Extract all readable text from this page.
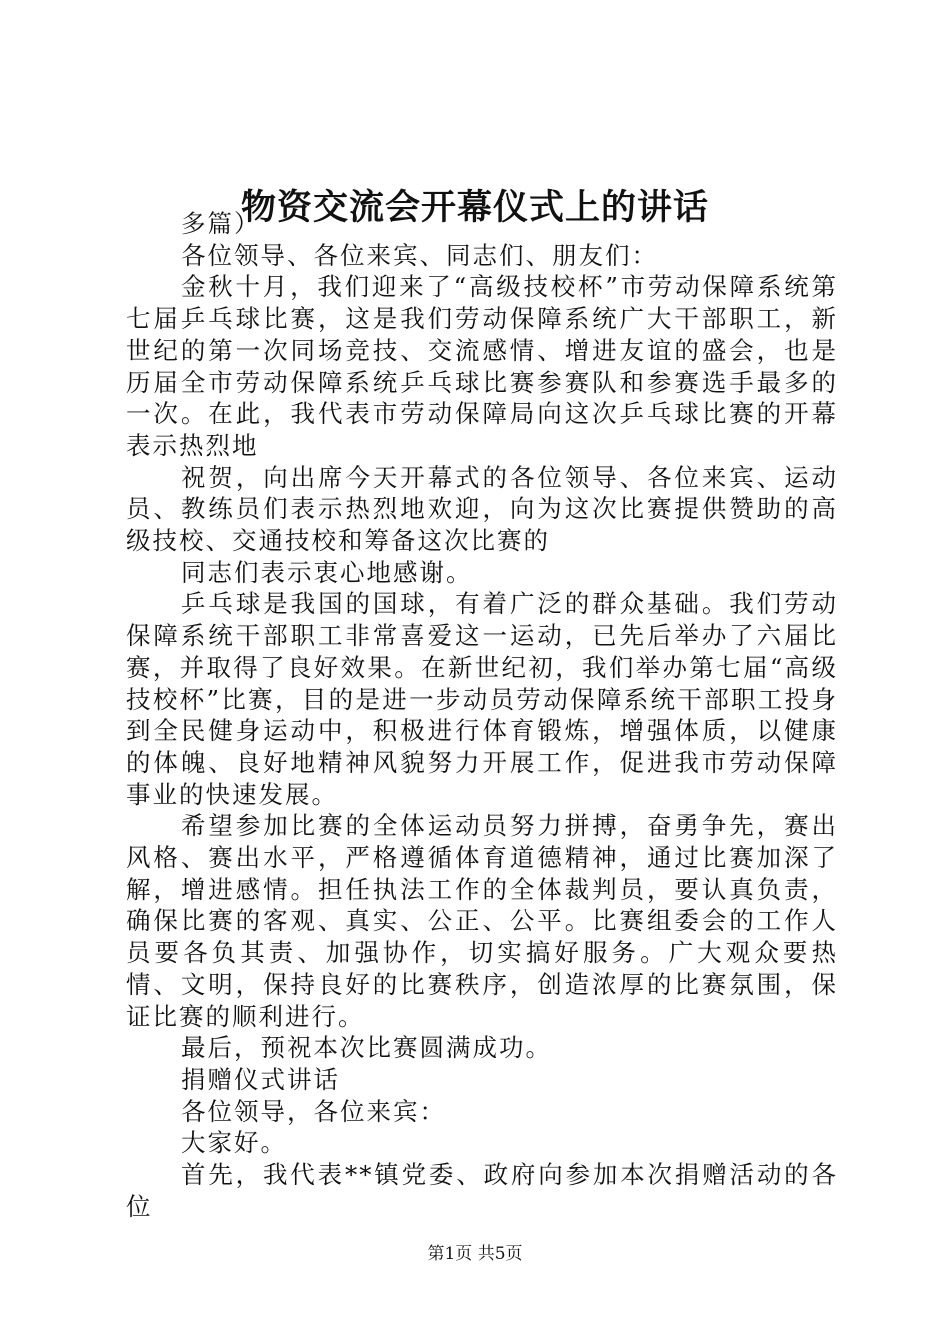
物资交流会开幕仪式上的讲话

多篇）

各位领导、各位来宾、同志们、朋友们：

金秋十月，我们迎来了“高级技校杯”市劳动保障系统第七届乒乓球比赛，这是我们劳动保障系统广大干部职工，新世纪的第一次同场竞技、交流感情、增进友谊的盛会，也是历届全市劳动保障系统乒乓球比赛参赛队和参赛选手最多的一次。在此，我代表市劳动保障局向这次乒乓球比赛的开幕表示热烈地

祝贺，向出席今天开幕式的各位领导、各位来宾、运动员、教练员们表示热烈地欢迎，向为这次比赛提供赞助的高级技校、交通技校和筹备这次比赛的

同志们表示衷心地感谢。

乒乓球是我国的国球，有着广泛的群众基础。我们劳动保障系统干部职工非常喜爱这一运动，已先后举办了六届比赛，并取得了良好效果。在新世纪初，我们举办第七届“高级技校杯”比赛，目的是进一步动员劳动保障系统干部职工投身到全民健身运动中，积极进行体育锻炼，增强体质，以健康的体魄、良好地精神风貌努力开展工作，促进我市劳动保障事业的快速发展。

希望参加比赛的全体运动员努力拼搏，奋勇争先，赛出风格、赛出水平，严格遵循体育道德精神，通过比赛加深了解，增进感情。担任执法工作的全体裁判员，要认真负责，确保比赛的客观、真实、公正、公平。比赛组委会的工作人员要各负其责、加强协作，切实搞好服务。广大观众要热情、文明，保持良好的比赛秩序，创造浓厚的比赛氛围，保证比赛的顺利进行。

最后，预祝本次比赛圆满成功。

捐赠仪式讲话

各位领导，各位来宾：

大家好。

首先，我代表**镇党委、政府向参加本次捐赠活动的各位

第1页 共5页
